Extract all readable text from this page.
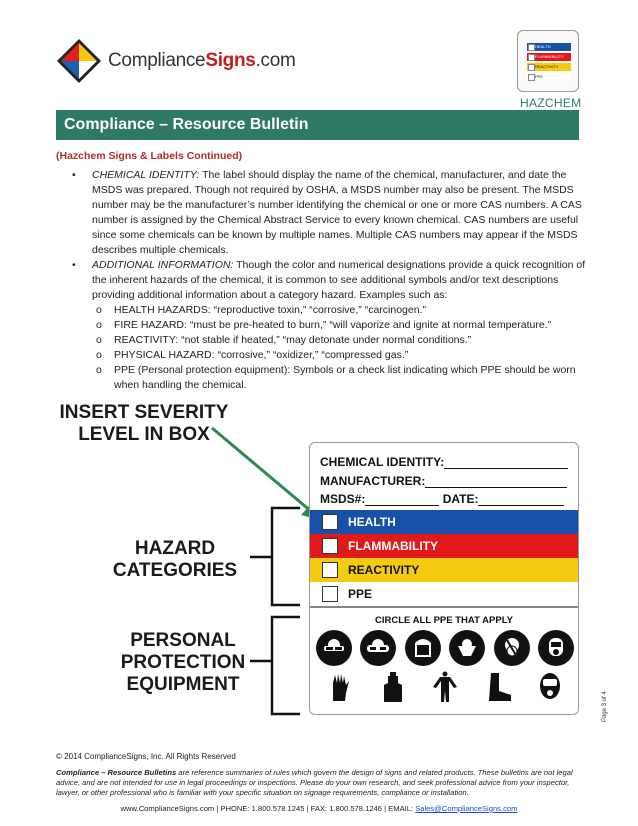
ComplianceSigns.com
HEALTH
FLAMMABILITY
REACTIVITY
PPE
HAZCHEM
Compliance – Resource Bulletin
(Hazchem Signs & Labels Continued)
•	CHEMICAL IDENTITY: The label should display the name of the chemical, manufacturer, and date the MSDS was prepared. Though not required by OSHA, a MSDS number may also be present. The MSDS number may be the manufacturer’s number identifying the chemical or one or more CAS numbers. A CAS number is assigned by the Chemical Abstract Service to every known chemical. CAS numbers are useful since some chemicals can be known by multiple names. Multiple CAS numbers may appear if the MSDS describes multiple chemicals.
•	ADDITIONAL INFORMATION: Though the color and numerical designations provide a quick recognition of the inherent hazards of the chemical, it is common to see additional symbols and/or text descriptions providing additional information about a category hazard. Examples such as:
o	HEALTH HAZARDS: “reproductive toxin,” “corrosive,” “carcinogen.”
o	FIRE HAZARD: “must be pre-heated to burn,” “will vaporize and ignite at normal temperature.”
o	REACTIVITY: “not stable if heated,” “may detonate under normal conditions.”
o	PHYSICAL HAZARD: “corrosive,” “oxidizer,” “compressed gas.”
o	PPE (Personal protection equipment): Symbols or a check list indicating which PPE should be worn when handling the chemical.
INSERT SEVERITY
LEVEL IN BOX
HAZARD
CATEGORIES
PERSONAL
PROTECTION
EQUIPMENT
CHEMICAL IDENTITY:
MANUFACTURER:
MSDS#:	DATE:
HEALTH
FLAMMABILITY
REACTIVITY
PPE
CIRCLE ALL PPE THAT APPLY
Page 3 of 4
© 2014 ComplianceSigns, Inc. All Rights Reserved
Compliance – Resource Bulletins are reference summaries of rules which govern the design of signs and related products. These bulletins are not legal advice, and are not intended for use in legal proceedings or inspections. Please do your own research, and seek professional advice from your inspector, lawyer, or other professional who is familiar with your specific situation on signage requirements, compliance or installation.
www.ComplianceSigns.com | PHONE: 1.800.578.1245 | FAX: 1.800.578.1246 | EMAIL: Sales@ComplianceSigns.com
